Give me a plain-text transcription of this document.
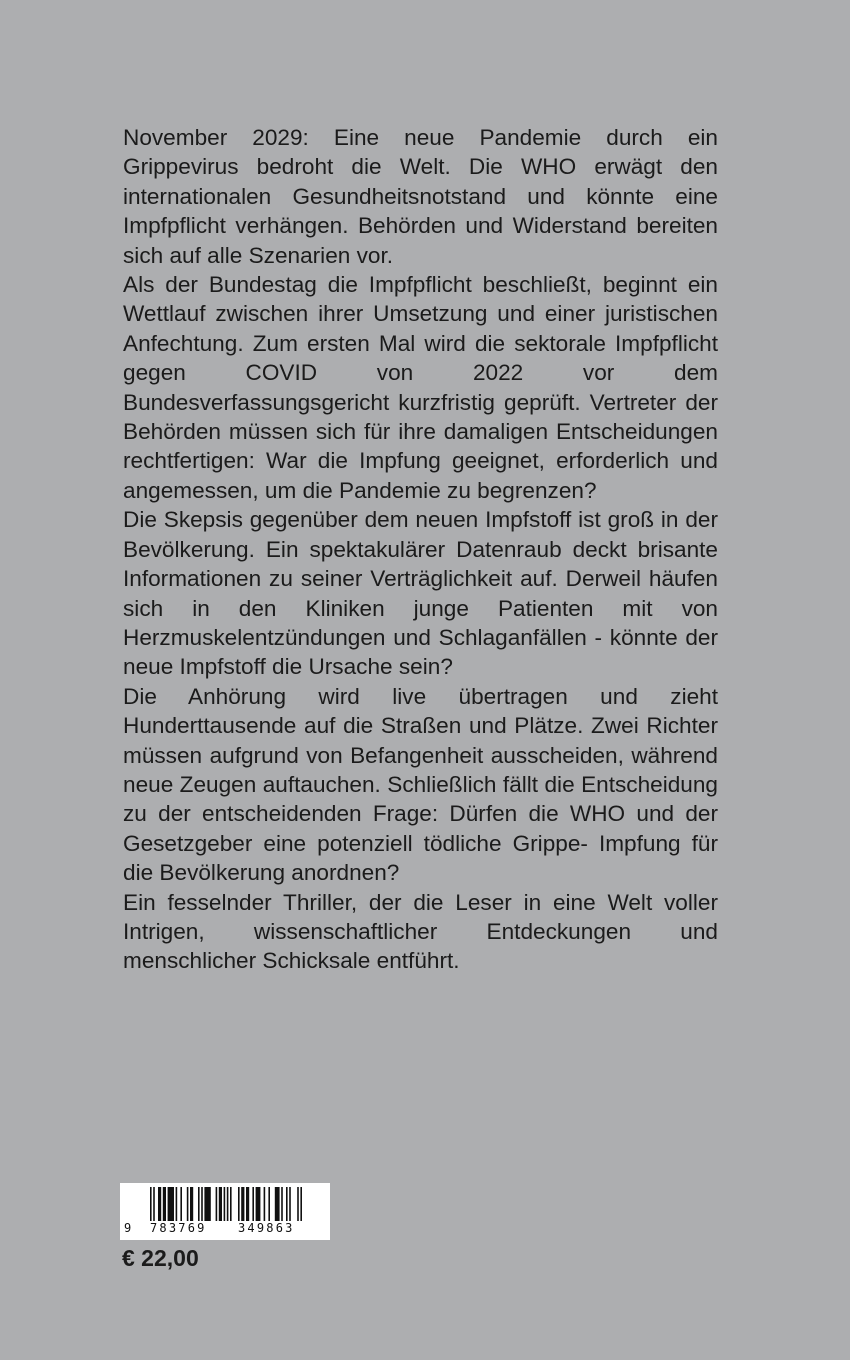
November 2029: Eine neue Pandemie durch ein Grippevirus bedroht die Welt. Die WHO erwägt den internationalen Gesundheitsnotstand und könnte eine Impfpflicht verhängen. Behörden und Widerstand bereiten sich auf alle Szenarien vor.

Als der Bundestag die Impfpflicht beschließt, beginnt ein Wettlauf zwischen ihrer Umsetzung und einer juristischen Anfechtung. Zum ersten Mal wird die sektorale Impfpflicht gegen COVID von 2022 vor dem Bundesverfassungsgericht kurzfristig geprüft. Vertreter der Behörden müssen sich für ihre damaligen Entscheidungen rechtfertigen: War die Impfung geeignet, erforderlich und angemessen, um die Pandemie zu begrenzen?

Die Skepsis gegenüber dem neuen Impfstoff ist groß in der Bevölkerung. Ein spektakulärer Datenraub deckt brisante Informationen zu seiner Verträglichkeit auf. Derweil häufen sich in den Kliniken junge Patienten mit von Herzmuskelentzündungen und Schlaganfällen - könnte der neue Impfstoff die Ursache sein?

Die Anhörung wird live übertragen und zieht Hunderttausende auf die Straßen und Plätze. Zwei Richter müssen aufgrund von Befangenheit ausscheiden, während neue Zeugen auftauchen. Schließlich fällt die Entscheidung zu der entscheidenden Frage: Dürfen die WHO und der Gesetzgeber eine potenziell tödliche Grippe- Impfung für die Bevölkerung anordnen?

Ein fesselnder Thriller, der die Leser in eine Welt voller Intrigen, wissenschaftlicher Entdeckungen und menschlicher Schicksale entführt.

9 783769	349863
€ 22,00
